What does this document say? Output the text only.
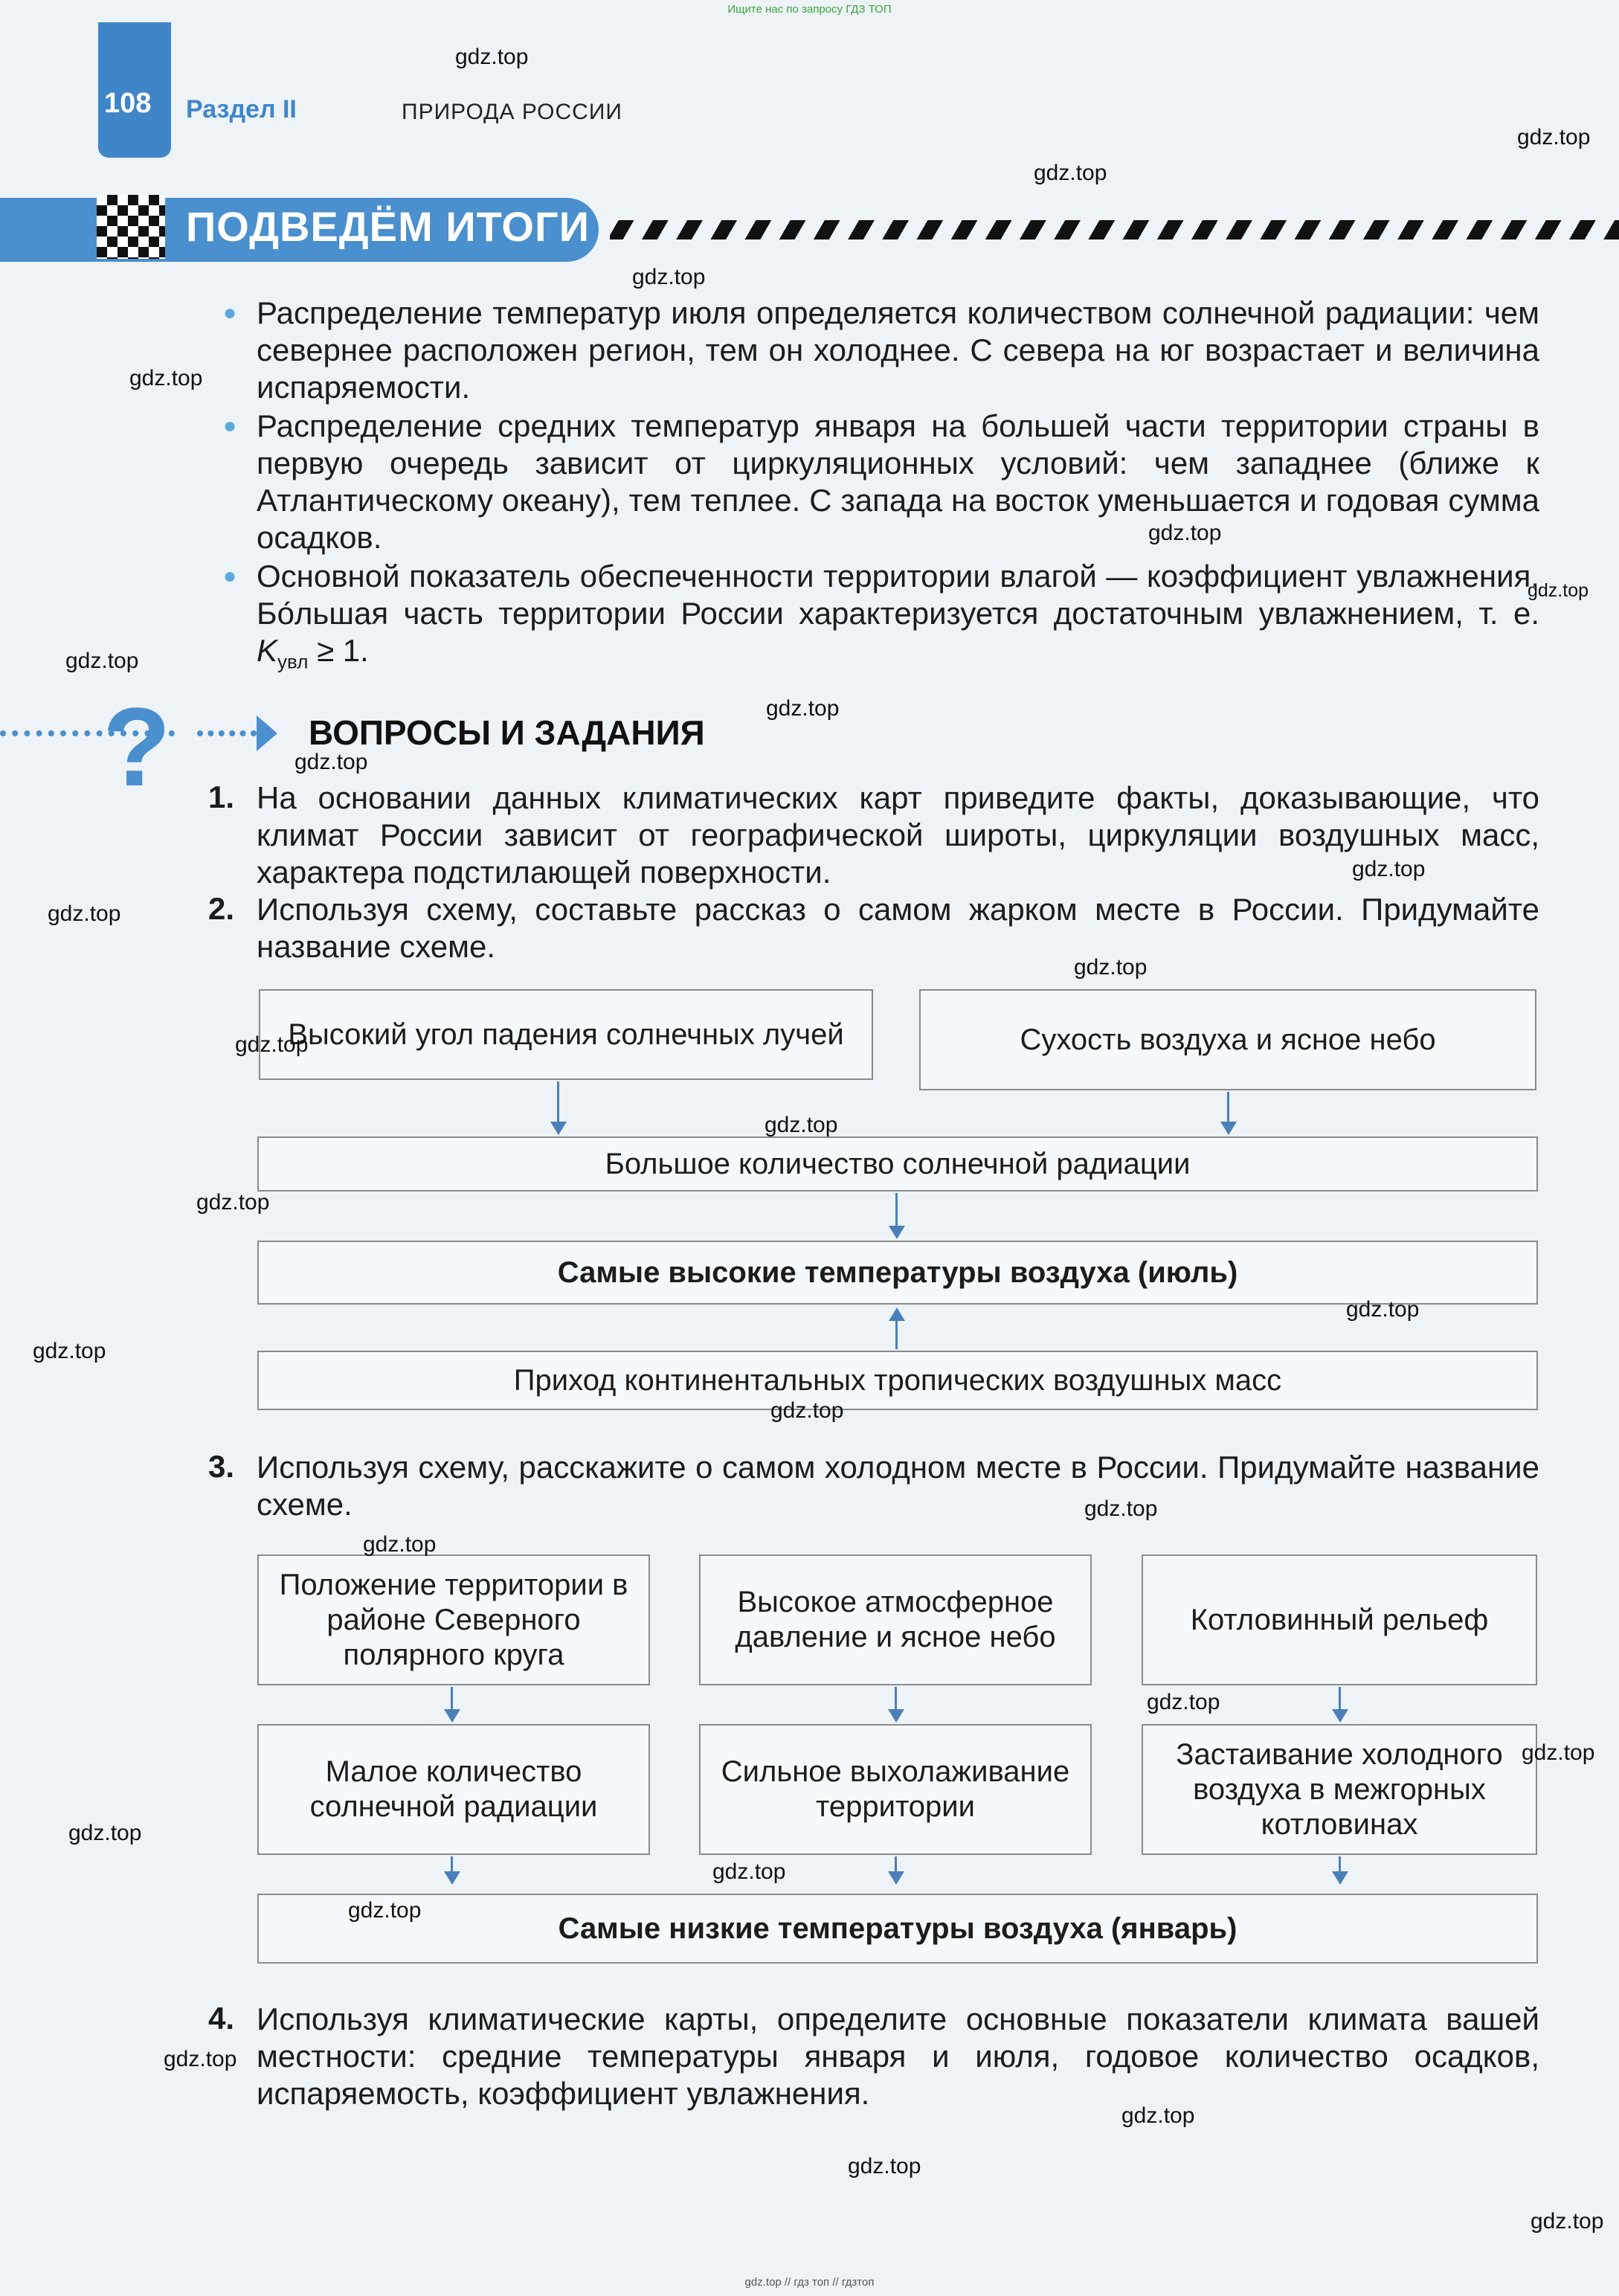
Ищите нас по запросу ГДЗ ТОП
108 Раздел II	ПРИРОДА РОССИИ
ПОДВЕДЁМ ИТОГИ
● Распределение температур июля определяется количеством солнечной радиации: чем севернее расположен регион, тем он холоднее. С севера на юг возрастает и величина испаряемости.
● Распределение средних температур января на большей части территории страны в первую очередь зависит от циркуляционных условий: чем западнее (ближе к Атлантическому океану), тем теплее. С запада на восток уменьшается и годовая сумма осадков.
● Основной показатель обеспеченности территории влагой — коэффициент увлажнения. Бо́льшая часть территории России характеризуется достаточным увлажнением, т. е. $K_{увл} \ge 1$.
?	ВОПРОСЫ И ЗАДАНИЯ
1. На основании данных климатических карт приведите факты, доказывающие, что климат России зависит от географической широты, циркуляции воздушных масс, характера подстилающей поверхности.
2. Используя схему, составьте рассказ о самом жарком месте в России. Придумайте название схеме.
Высокий угол падения солнечных лучей	Сухость воздуха и ясное небо
Большое количество солнечной радиации
Самые высокие температуры воздуха (июль)
Приход континентальных тропических воздушных масс
3. Используя схему, расскажите о самом холодном месте в России. Придумайте название схеме.
Положение территории в районе Северного полярного круга
Высокое атмосферное давление и ясное небо
Котловинный рельеф
Малое количество солнечной радиации
Сильное выхолаживание территории
Застаивание холодного воздуха в межгорных котловинах
Самые низкие температуры воздуха (январь)
4. Используя климатические карты, определите основные показатели климата вашей местности: средние температуры января и июля, годовое количество осадков, испаряемость, коэффициент увлажнения.
gdz.top
gdz.top
gdz.top
gdz.top
gdz.top
gdz.top
gdz.top
gdz.top
gdz.top
gdz.top
gdz.top
gdz.top
gdz.top
gdz.top
gdz.top
gdz.top
gdz.top
gdz.top
gdz.top
gdz.top
gdz.top
gdz.top
gdz.top
gdz.top
gdz.top
gdz.top
gdz.top
gdz.top
gdz.top
gdz.top
gdz.top // гдз топ // гдзтоп
